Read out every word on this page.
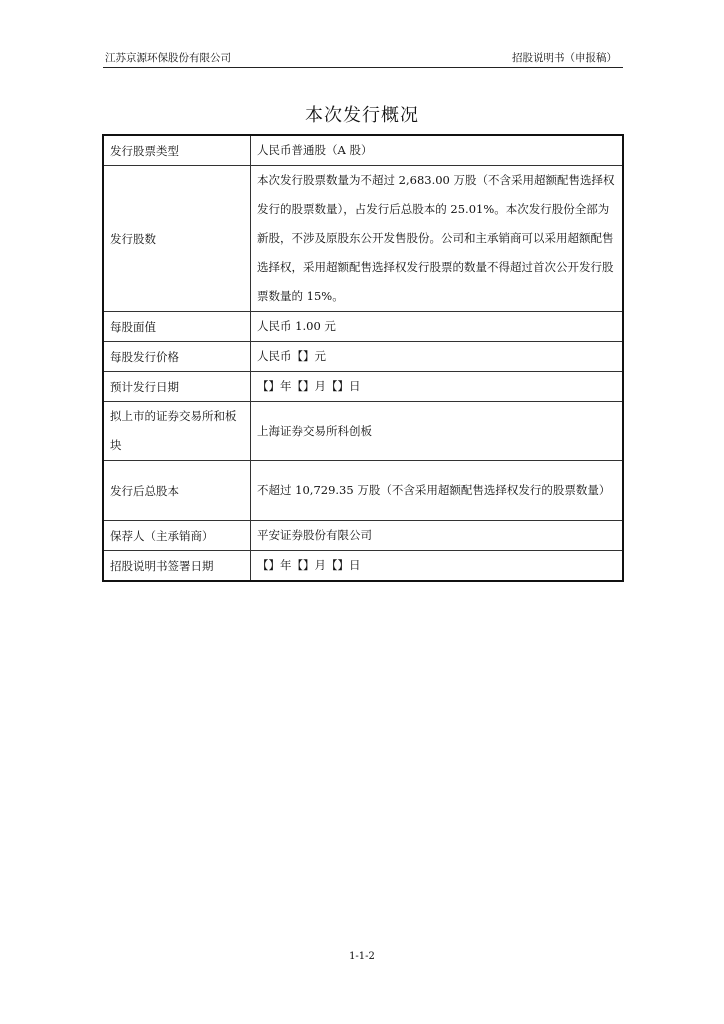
江苏京源环保股份有限公司	招股说明书（申报稿）
本次发行概况
发行股票类型	人民币普通股（A 股）
发行股数	本次发行股票数量为不超过 2,683.00 万股（不含采用超额配售选择权发行的股票数量），占发行后总股本的 25.01%。本次发行股份全部为新股，不涉及原股东公开发售股份。公司和主承销商可以采用超额配售选择权，采用超额配售选择权发行股票的数量不得超过首次公开发行股票数量的 15%。
每股面值	人民币 1.00 元
每股发行价格	人民币【】元
预计发行日期	【】年【】月【】日
拟上市的证券交易所和板块	上海证券交易所科创板
发行后总股本	不超过 10,729.35 万股（不含采用超额配售选择权发行的股票数量）
保荐人（主承销商）	平安证券股份有限公司
招股说明书签署日期	【】年【】月【】日
1-1-2
